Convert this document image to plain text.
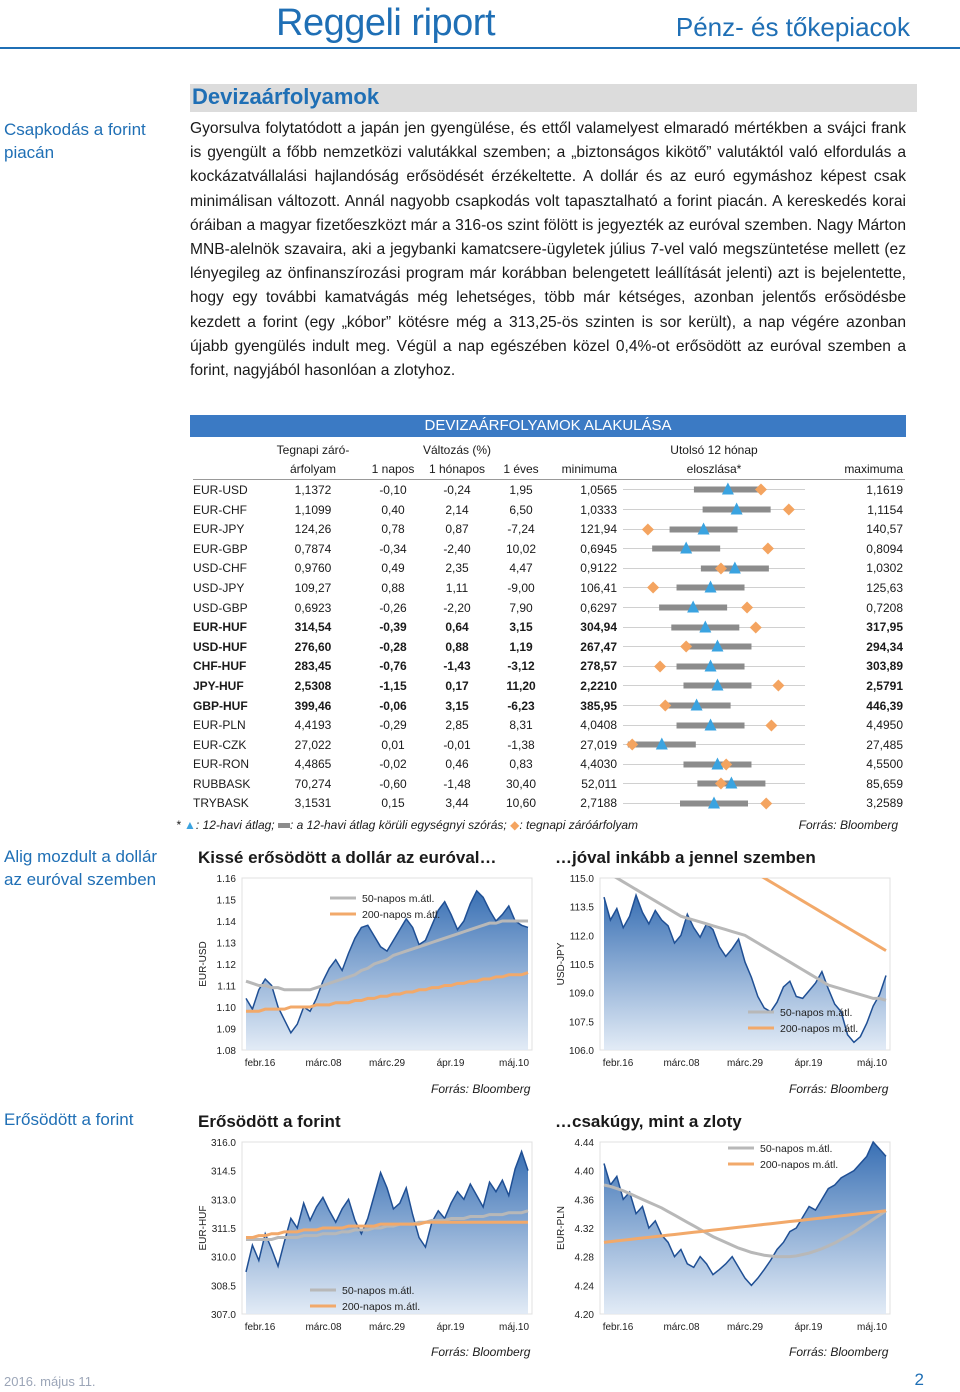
Reggeli riport	Pénz- és tőkepiacok
Csapkodás a forint piacán
Alig mozdult a dollár az euróval szemben
Erősödött a forint
Devizaárfolyamok
Gyorsulva folytatódott a japán jen gyengülése, és ettől valamelyest elmaradó mértékben a svájci frank is gyengült a főbb nemzetközi valutákkal szemben; a „biztonságos kikötő” valutáktól való elfordulás a kockázatvállalási hajlandóság erősödését érzékeltette. A dollár és az euró egymáshoz képest csak minimálisan változott. Annál nagyobb csapkodás volt tapasztalható a forint piacán. A kereskedés korai óráiban a magyar fizetőeszközt már a 316-os szint fölött is jegyezték az euróval szemben. Nagy Márton MNB-alelnök szavaira, aki a jegybanki kamatcsere-ügyletek július 7-vel való megszüntetése mellett (ez lényegileg az önfinanszírozási program már korábban belengetett leállítását jelenti) azt is bejelentette, hogy egy további kamatvágás még lehetséges, több már kétséges, azonban jelentős erősödésbe kezdett a forint (egy „kóbor” kötésre még a 313,25-ös szinten is sor került), a nap végére azonban újabb gyengülés indult meg. Végül a nap egészében közel 0,4%-ot erősödött az euróval szemben a forint, nagyjából hasonlóan a zlotyhoz.
DEVIZAÁRFOLYAMOK ALAKULÁSA
	Tegnapi záró-	Változás (%)				Utolsó 12 hónap	
	árfolyam	1 napos	1 hónapos	1 éves	minimuma	eloszlása*	maximuma
EUR-USD	1,1372	-0,10	-0,24	1,95	1,0565		1,1619
EUR-CHF	1,1099	0,40	2,14	6,50	1,0333		1,1154
EUR-JPY	124,26	0,78	0,87	-7,24	121,94		140,57
EUR-GBP	0,7874	-0,34	-2,40	10,02	0,6945		0,8094
USD-CHF	0,9760	0,49	2,35	4,47	0,9122		1,0302
USD-JPY	109,27	0,88	1,11	-9,00	106,41		125,63
USD-GBP	0,6923	-0,26	-2,20	7,90	0,6297		0,7208
EUR-HUF	314,54	-0,39	0,64	3,15	304,94		317,95
USD-HUF	276,60	-0,28	0,88	1,19	267,47		294,34
CHF-HUF	283,45	-0,76	-1,43	-3,12	278,57		303,89
JPY-HUF	2,5308	-1,15	0,17	11,20	2,2210		2,5791
GBP-HUF	399,46	-0,06	3,15	-6,23	385,95		446,39
EUR-PLN	4,4193	-0,29	2,85	8,31	4,0408		4,4950
EUR-CZK	27,022	0,01	-0,01	-1,38	27,019		27,485
EUR-RON	4,4865	-0,02	0,46	0,83	4,4030		4,5500
RUBBASK	70,274	-0,60	-1,48	30,40	52,011		85,659
TRYBASK	3,1531	0,15	3,44	10,60	2,7188		3,2589
* ▲: 12-havi átlag; : a 12-havi átlag körüli egységnyi szórás; ◆: tegnapi záróárfolyam	Forrás: Bloomberg
Kissé erősödött a dollár az euróval…
1.16
1.15
1.14
1.13
1.12
1.11
1.10
1.09
1.08
EUR-USD
febr.16	márc.08	márc.29	ápr.19	máj.10
50-napos m.átl.
200-napos m.átl.
Forrás: Bloomberg
…jóval inkább a jennel szemben
115.0
113.5
112.0
110.5
109.0
107.5
106.0
USD-JPY
febr.16	márc.08	márc.29	ápr.19	máj.10
50-napos m.átl.
200-napos m.átl.
Forrás: Bloomberg
Erősödött a forint
316.0
314.5
313.0
311.5
310.0
308.5
307.0
EUR-HUF
febr.16	márc.08	márc.29	ápr.19	máj.10
50-napos m.átl.
200-napos m.átl.
Forrás: Bloomberg
…csakúgy, mint a zloty
4.44
4.40
4.36
4.32
4.28
4.24
4.20
EUR-PLN
febr.16	márc.08	márc.29	ápr.19	máj.10
50-napos m.átl.
200-napos m.átl.
Forrás: Bloomberg
2016. május 11.	2
